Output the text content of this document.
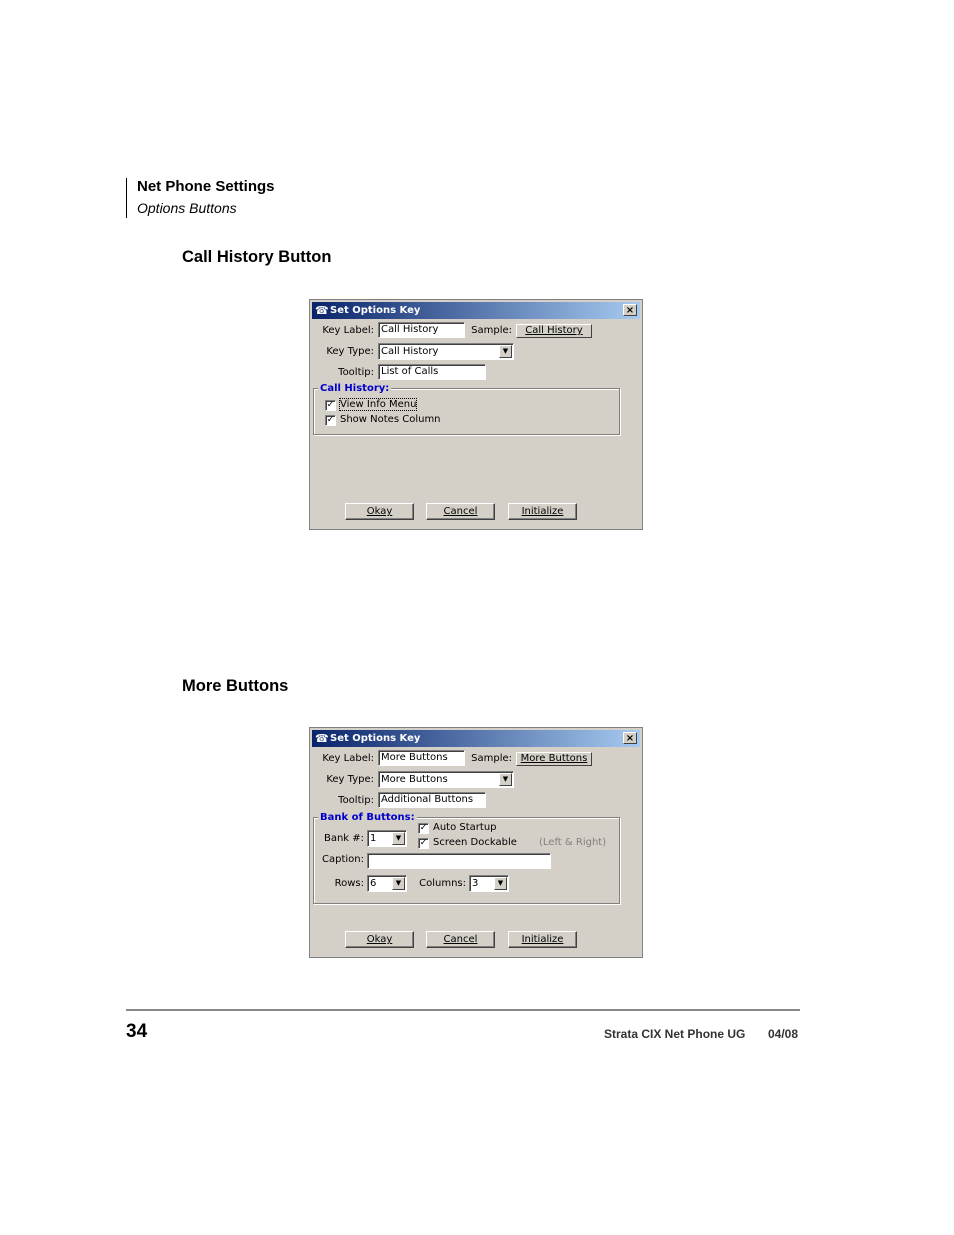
Net Phone Settings
Options Buttons
Call History Button
☎ Set Options Key	×
Key Label: Call History	Sample:	Call History
Key Type: Call History	▼
Tooltip: List of Calls
Call History:
✓ View Info Menu
✓ Show Notes Column
Okay	Cancel	Initialize
More Buttons
☎ Set Options Key	×
Key Label: More Buttons	Sample: More Buttons
Key Type: More Buttons	▼
Tooltip: Additional Buttons
Bank of Buttons:
Bank #: 1	▼
✓ Auto Startup
✓ Screen Dockable (Left & Right)
Caption:
Rows: 6	▼	Columns: 3	▼
Okay	Cancel	Initialize
34	Strata CIX Net Phone UG 04/08
